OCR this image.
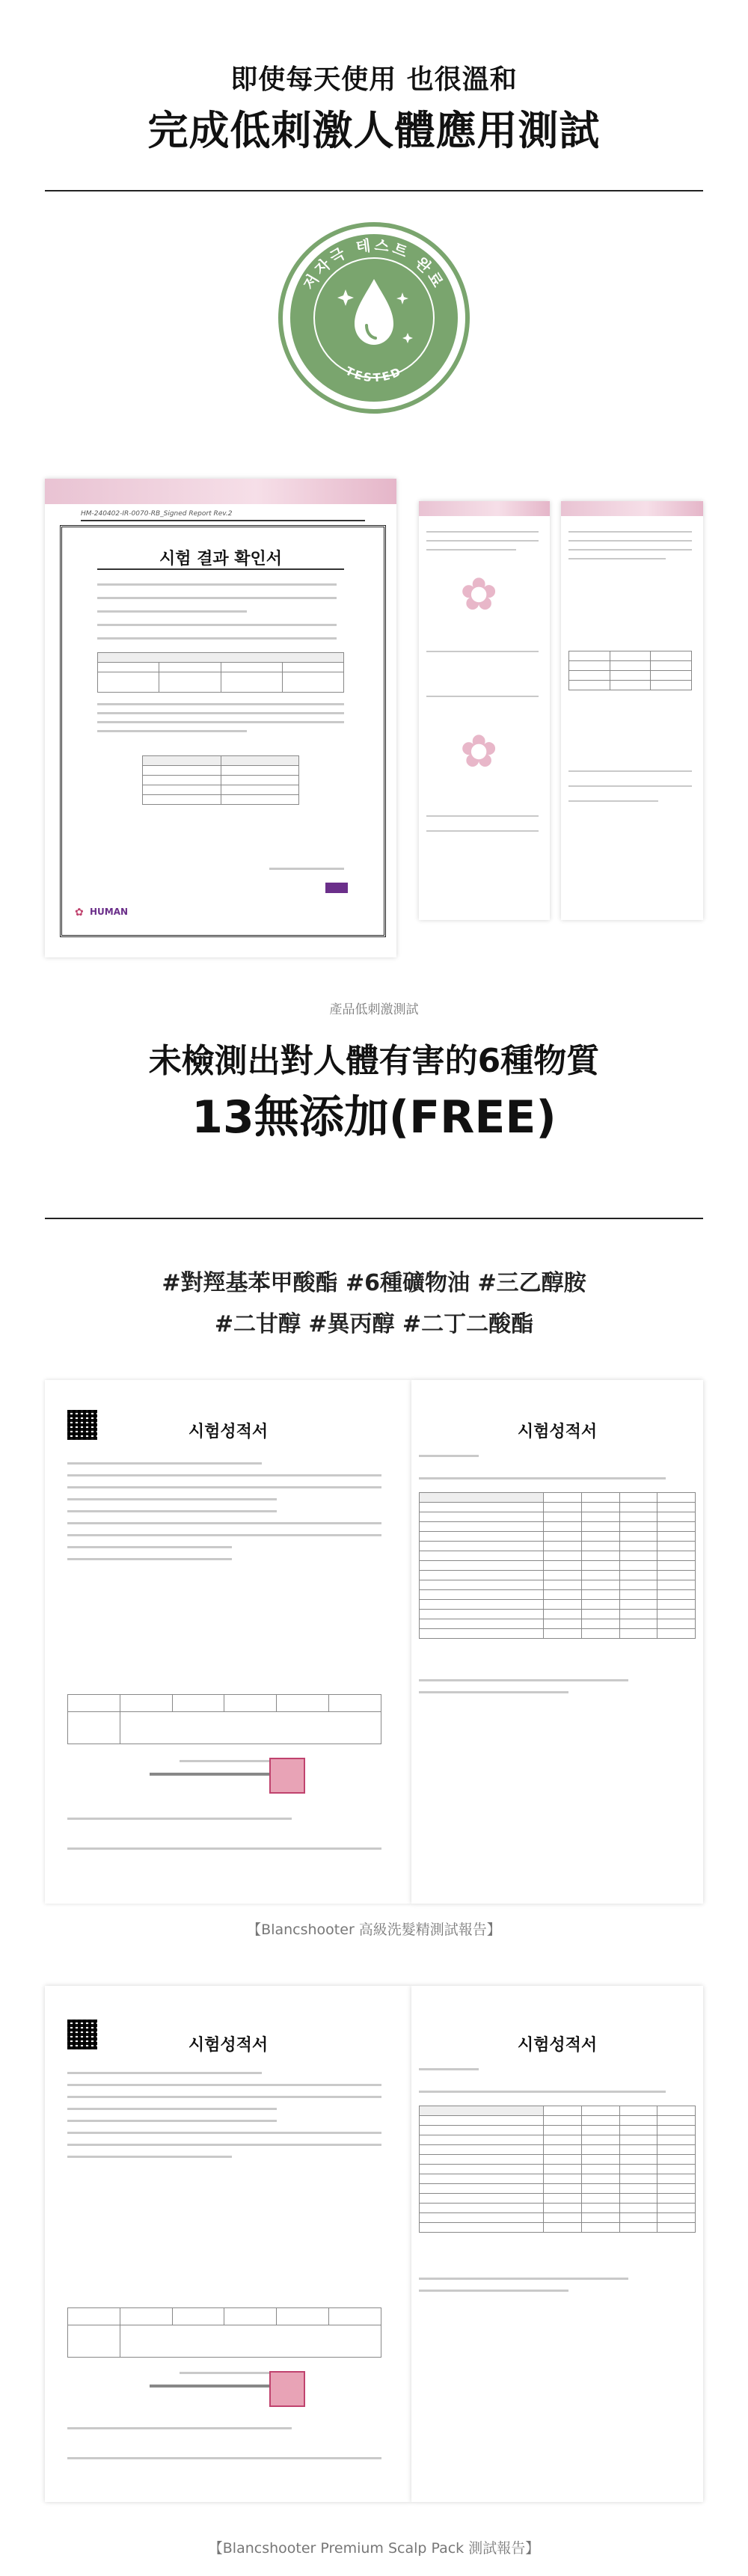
即使每天使用 也很溫和
完成低刺激人體應用測試
저자극 테스트 완료
TESTED
HM-240402-IR-0070-RB_Signed Report Rev.2
시험 결과 확인서

HUMAN
✿
✿
✿

產品低刺激測試
未檢測出對人體有害的6種物質
13無添加(FREE)
#對羥基苯甲酸酯 #6種礦物油 #三乙醇胺
#二甘醇 #異丙醇 #二丁二酸酯
시험성적서

		시험성적서

【Blancshooter 高級洗髮精測試報告】
시험성적서

		시험성적서

【Blancshooter Premium Scalp Pack 測試報告】
